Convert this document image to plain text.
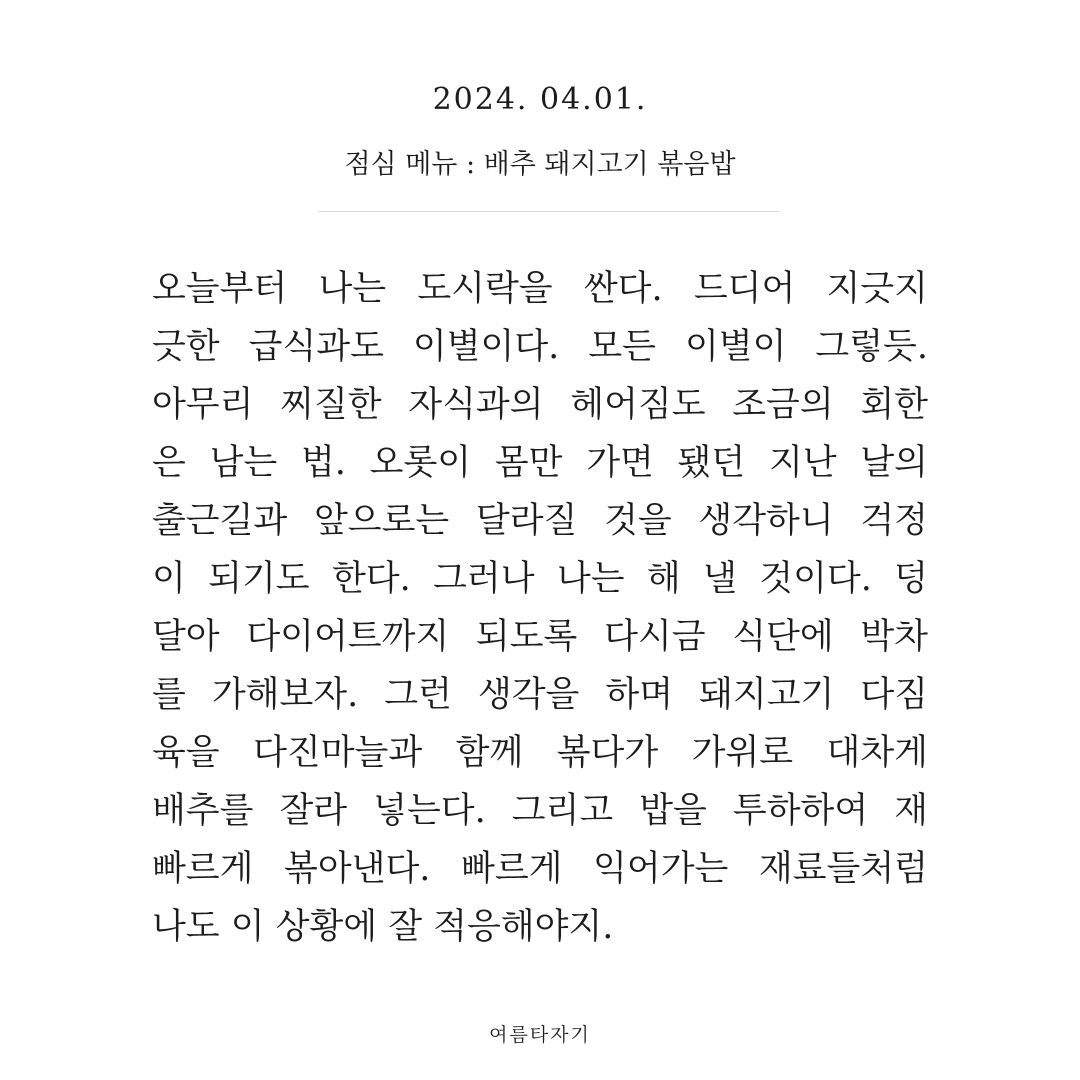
2024. 04.01.
점심 메뉴 : 배추 돼지고기 볶음밥
오늘부터 나는 도시락을 싼다. 드디어 지긋지
긋한 급식과도 이별이다. 모든 이별이 그렇듯.
아무리 찌질한 자식과의 헤어짐도 조금의 회한
은 남는 법. 오롯이 몸만 가면 됐던 지난 날의
출근길과 앞으로는 달라질 것을 생각하니 걱정
이 되기도 한다. 그러나 나는 해 낼 것이다. 덩
달아 다이어트까지 되도록 다시금 식단에 박차
를 가해보자. 그런 생각을 하며 돼지고기 다짐
육을 다진마늘과 함께 볶다가 가위로 대차게
배추를 잘라 넣는다. 그리고 밥을 투하하여 재
빠르게 볶아낸다. 빠르게 익어가는 재료들처럼
나도 이 상황에 잘 적응해야지.
여름타자기
